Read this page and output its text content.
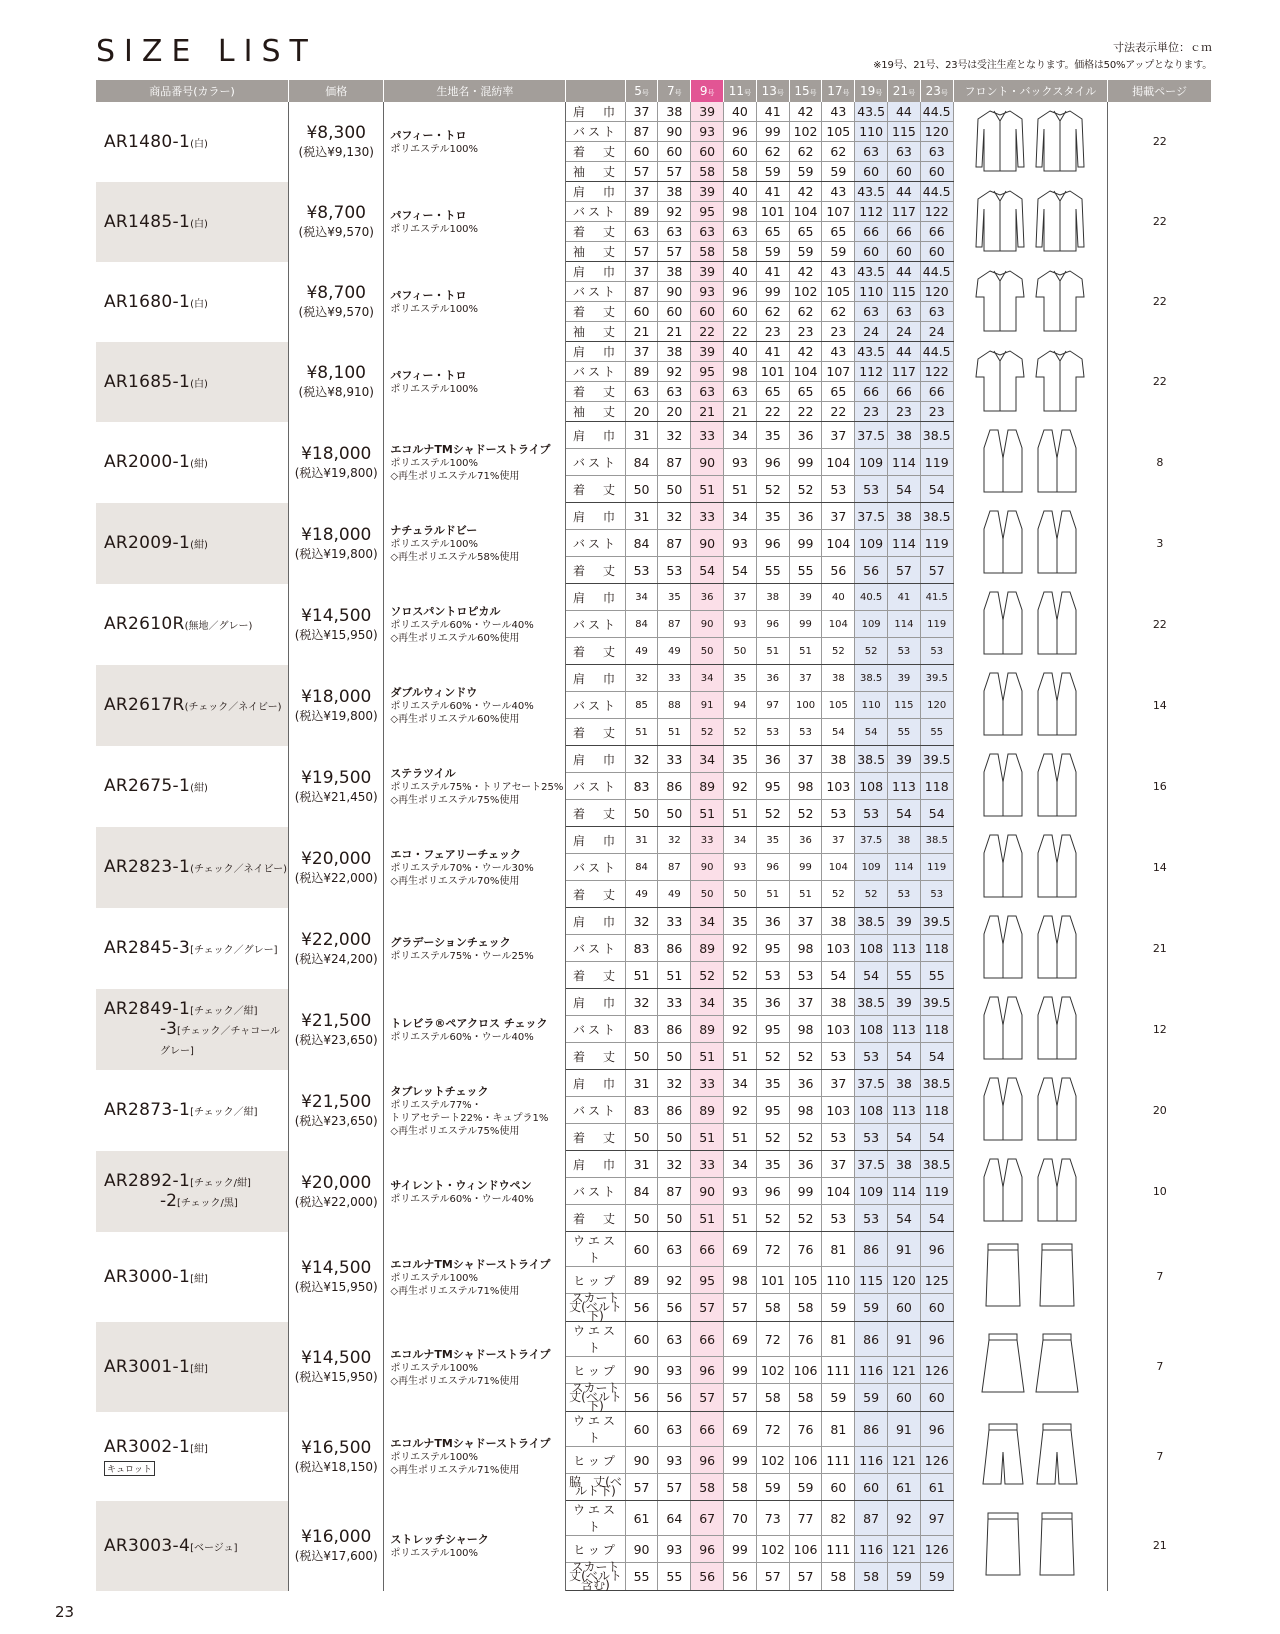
SIZE LIST	寸法表示単位：ｃｍ
※19号、21号、23号は受注生産となります。価格は50%アップとなります。
商品番号(カラー)	価格	生地名・混紡率		5号	7号	9号	11号	13号	15号	17号	19号	21号	23号	フロント・バックスタイル	掲載ページ
AR1480-1(白)	¥8,300
(税込¥9,130)	パフィー・トロ
ポリエステル100%	肩　巾	37	38	39	40	41	42	43	43.5	44	44.5		22
			バスト	87	90	93	96	99	102	105	110	115	120		
			着　丈	60	60	60	60	62	62	62	63	63	63		
			袖　丈	57	57	58	58	59	59	59	60	60	60		
AR1485-1(白)	¥8,700
(税込¥9,570)	パフィー・トロ
ポリエステル100%	肩　巾	37	38	39	40	41	42	43	43.5	44	44.5		22
			バスト	89	92	95	98	101	104	107	112	117	122		
			着　丈	63	63	63	63	65	65	65	66	66	66		
			袖　丈	57	57	58	58	59	59	59	60	60	60		
AR1680-1(白)	¥8,700
(税込¥9,570)	パフィー・トロ
ポリエステル100%	肩　巾	37	38	39	40	41	42	43	43.5	44	44.5		22
			バスト	87	90	93	96	99	102	105	110	115	120		
			着　丈	60	60	60	60	62	62	62	63	63	63		
			袖　丈	21	21	22	22	23	23	23	24	24	24		
AR1685-1(白)	¥8,100
(税込¥8,910)	パフィー・トロ
ポリエステル100%	肩　巾	37	38	39	40	41	42	43	43.5	44	44.5		22
			バスト	89	92	95	98	101	104	107	112	117	122		
			着　丈	63	63	63	63	65	65	65	66	66	66		
			袖　丈	20	20	21	21	22	22	22	23	23	23		
AR2000-1(紺)	¥18,000
(税込¥19,800)	エコルナTMシャドーストライプ
ポリエステル100%
◇再生ポリエステル71%使用	肩　巾	31	32	33	34	35	36	37	37.5	38	38.5		8
			バスト	84	87	90	93	96	99	104	109	114	119		
			着　丈	50	50	51	51	52	52	53	53	54	54		
AR2009-1(紺)	¥18,000
(税込¥19,800)	ナチュラルドビー
ポリエステル100%
◇再生ポリエステル58%使用	肩　巾	31	32	33	34	35	36	37	37.5	38	38.5		3
			バスト	84	87	90	93	96	99	104	109	114	119		
			着　丈	53	53	54	54	55	55	56	56	57	57		
AR2610R(無地／グレー)	¥14,500
(税込¥15,950)	ソロスパントロピカル
ポリエステル60%・ウール40%
◇再生ポリエステル60%使用	肩　巾	34	35	36	37	38	39	40	40.5	41	41.5		22
			バスト	84	87	90	93	96	99	104	109	114	119		
			着　丈	49	49	50	50	51	51	52	52	53	53		
AR2617R(チェック／ネイビー)	¥18,000
(税込¥19,800)	ダブルウィンドウ
ポリエステル60%・ウール40%
◇再生ポリエステル60%使用	肩　巾	32	33	34	35	36	37	38	38.5	39	39.5		14
			バスト	85	88	91	94	97	100	105	110	115	120		
			着　丈	51	51	52	52	53	53	54	54	55	55		
AR2675-1(紺)	¥19,500
(税込¥21,450)	ステラツイル
ポリエステル75%・トリアセート25%
◇再生ポリエステル75%使用	肩　巾	32	33	34	35	36	37	38	38.5	39	39.5		16
			バスト	83	86	89	92	95	98	103	108	113	118		
			着　丈	50	50	51	51	52	52	53	53	54	54		
AR2823-1(チェック／ネイビー)	¥20,000
(税込¥22,000)	エコ・フェアリーチェック
ポリエステル70%・ウール30%
◇再生ポリエステル70%使用	肩　巾	31	32	33	34	35	36	37	37.5	38	38.5		14
			バスト	84	87	90	93	96	99	104	109	114	119		
			着　丈	49	49	50	50	51	51	52	52	53	53		
AR2845-3[チェック／グレー]	¥22,000
(税込¥24,200)	グラデーションチェック
ポリエステル75%・ウール25%	肩　巾	32	33	34	35	36	37	38	38.5	39	39.5		21
			バスト	83	86	89	92	95	98	103	108	113	118		
			着　丈	51	51	52	52	53	53	54	54	55	55		
AR2849-1[チェック／紺]
-3[チェック／チャコールグレー]	¥21,500
(税込¥23,650)	トレビラ®ペアクロス チェック
ポリエステル60%・ウール40%	肩　巾	32	33	34	35	36	37	38	38.5	39	39.5		12
			バスト	83	86	89	92	95	98	103	108	113	118		
			着　丈	50	50	51	51	52	52	53	53	54	54		
AR2873-1[チェック／紺]	¥21,500
(税込¥23,650)	タブレットチェック
ポリエステル77%・
トリアセテート22%・キュプラ1%
◇再生ポリエステル75%使用	肩　巾	31	32	33	34	35	36	37	37.5	38	38.5		20
			バスト	83	86	89	92	95	98	103	108	113	118		
			着　丈	50	50	51	51	52	52	53	53	54	54		
AR2892-1[チェック/紺]
-2[チェック/黒]	¥20,000
(税込¥22,000)	サイレント・ウィンドウペン
ポリエステル60%・ウール40%	肩　巾	31	32	33	34	35	36	37	37.5	38	38.5		10
			バスト	84	87	90	93	96	99	104	109	114	119		
			着　丈	50	50	51	51	52	52	53	53	54	54		
AR3000-1[紺]	¥14,500
(税込¥15,950)	エコルナTMシャドーストライプ
ポリエステル100%
◇再生ポリエステル71%使用	ウエスト	60	63	66	69	72	76	81	86	91	96		7
			ヒップ	89	92	95	98	101	105	110	115	120	125		
			スカート丈(ベルト下)	56	56	57	57	58	58	59	59	60	60		
AR3001-1[紺]	¥14,500
(税込¥15,950)	エコルナTMシャドーストライプ
ポリエステル100%
◇再生ポリエステル71%使用	ウエスト	60	63	66	69	72	76	81	86	91	96		7
			ヒップ	90	93	96	99	102	106	111	116	121	126		
			スカート丈(ベルト下)	56	56	57	57	58	58	59	59	60	60		
AR3002-1[紺]
キュロット	¥16,500
(税込¥18,150)	エコルナTMシャドーストライプ
ポリエステル100%
◇再生ポリエステル71%使用	ウエスト	60	63	66	69	72	76	81	86	91	96		7
			ヒップ	90	93	96	99	102	106	111	116	121	126		
			脇　丈(ベルト下)	57	57	58	58	59	59	60	60	61	61		
AR3003-4[ベージュ]	¥16,000
(税込¥17,600)	ストレッチシャーク
ポリエステル100%	ウエスト	61	64	67	70	73	77	82	87	92	97		21
			ヒップ	90	93	96	99	102	106	111	116	121	126		
			スカート丈(ベルト含む)	55	55	56	56	57	57	58	58	59	59		
23
